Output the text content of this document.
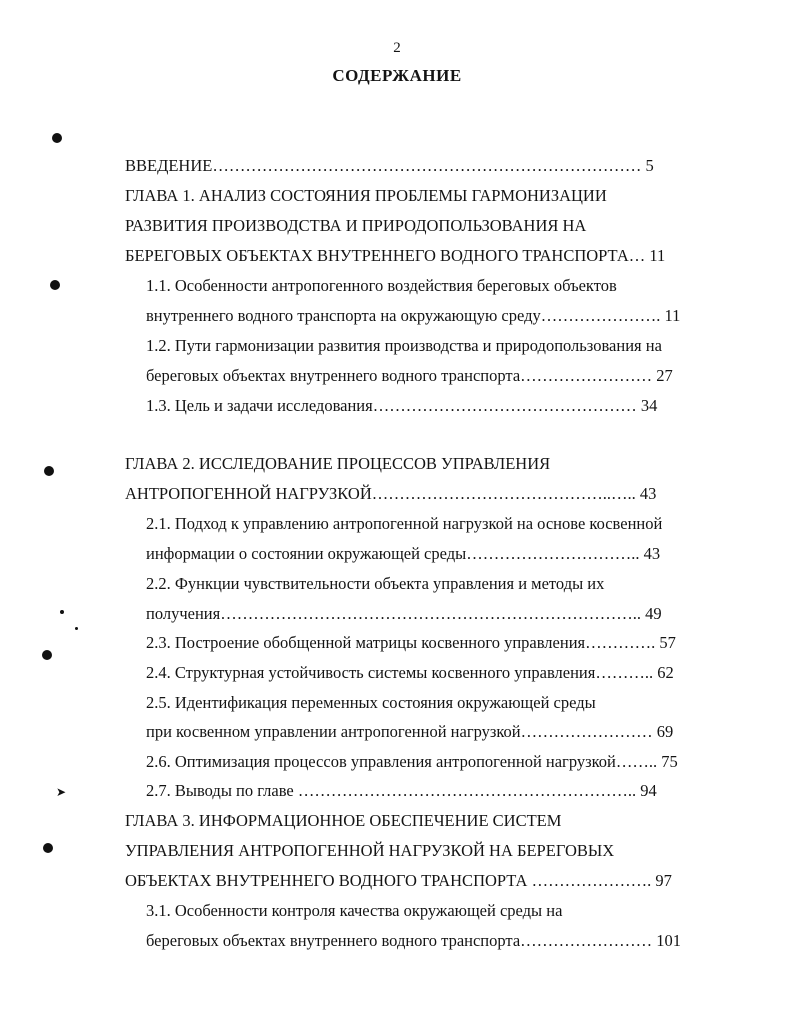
2
СОДЕРЖАНИЕ
➤
ВВЕДЕНИЕ…………………………………………………………………… 5
ГЛАВА 1. АНАЛИЗ СОСТОЯНИЯ ПРОБЛЕМЫ ГАРМОНИЗАЦИИ
РАЗВИТИЯ ПРОИЗВОДСТВА И ПРИРОДОПОЛЬЗОВАНИЯ НА
БЕРЕГОВЫХ ОБЪЕКТАХ ВНУТРЕННЕГО ВОДНОГО ТРАНСПОРТА… 11
1.1. Особенности антропогенного воздействия береговых объектов
внутреннего водного транспорта на окружающую среду…………………. 11
1.2. Пути гармонизации развития производства и природопользования на
береговых объектах внутреннего водного транспорта…………………… 27
1.3. Цель и задачи исследования………………………………………… 34
ГЛАВА 2. ИССЛЕДОВАНИЕ ПРОЦЕССОВ УПРАВЛЕНИЯ
АНТРОПОГЕННОЙ НАГРУЗКОЙ……………………………………..….. 43
2.1. Подход к управлению антропогенной нагрузкой на основе косвенной
информации о состоянии окружающей среды………………………….. 43
2.2. Функции чувствительности объекта управления и методы их
получения………………………………………………………………….. 49
2.3. Построение обобщенной матрицы косвенного управления…………. 57
2.4. Структурная устойчивость системы косвенного управления……….. 62
2.5. Идентификация переменных состояния окружающей среды
при косвенном управлении антропогенной нагрузкой…………………… 69
2.6. Оптимизация процессов управления антропогенной нагрузкой…….. 75
2.7. Выводы по главе …………………………………………………….. 94
ГЛАВА 3. ИНФОРМАЦИОННОЕ ОБЕСПЕЧЕНИЕ СИСТЕМ
УПРАВЛЕНИЯ АНТРОПОГЕННОЙ НАГРУЗКОЙ НА БЕРЕГОВЫХ
ОБЪЕКТАХ ВНУТРЕННЕГО ВОДНОГО ТРАНСПОРТА …………………. 97
3.1. Особенности контроля качества окружающей среды на
береговых объектах внутреннего водного транспорта…………………… 101
